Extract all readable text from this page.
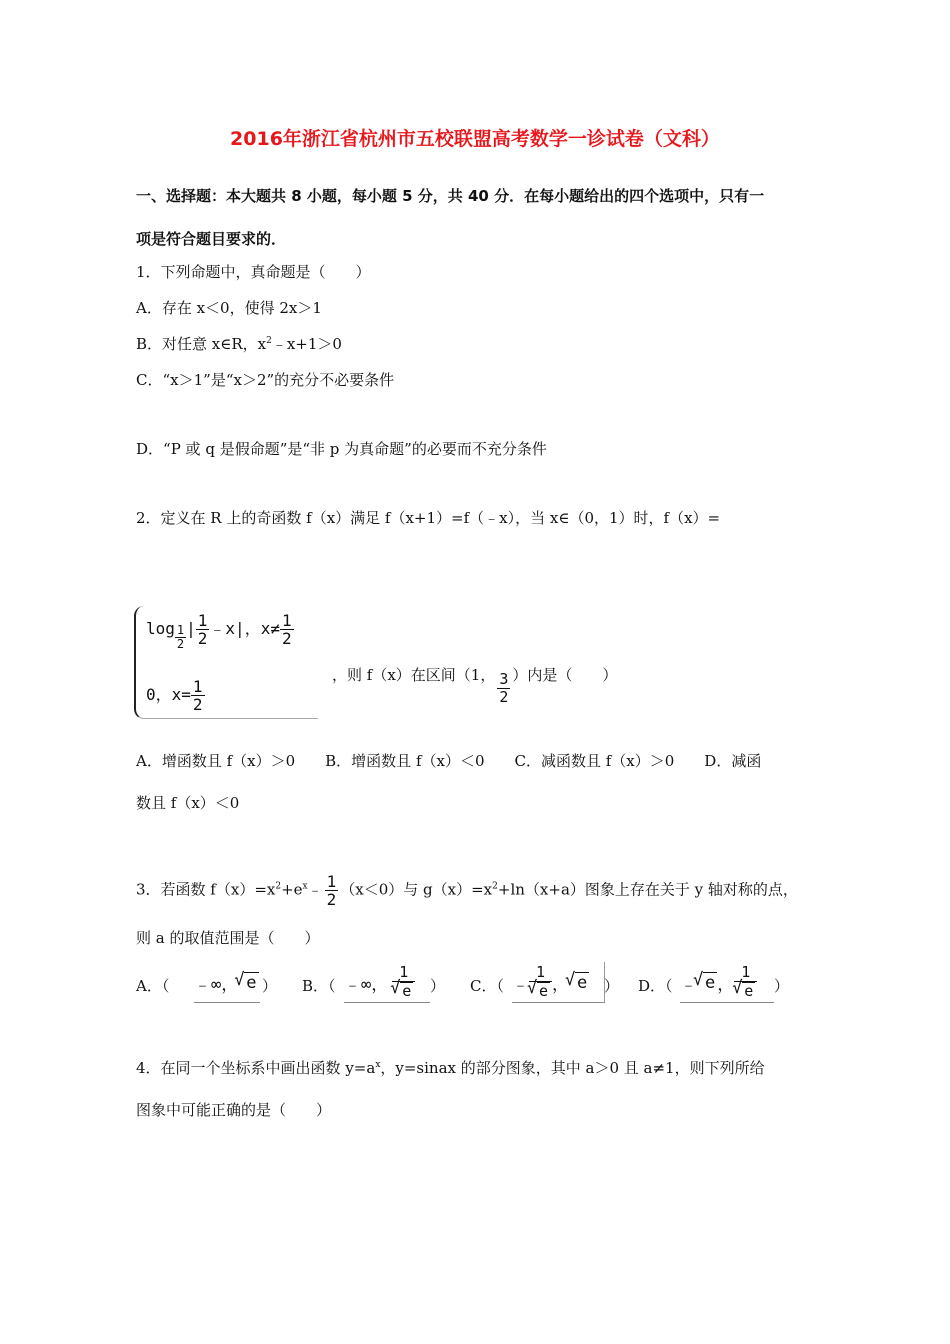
2016年浙江省杭州市五校联盟高考数学一诊试卷（文科）
一、选择题：本大题共 8 小题，每小题 5 分，共 40 分．在每小题给出的四个选项中，只有一
项是符合题目要求的．
1．下列命题中，真命题是（　　）
A．存在 x＜0，使得 2x＞1
B．对任意 x∈R，$x^2﹣x+1>0$
C．“x＞1”是“x＞2”的充分不必要条件
D．“P 或 q 是假命题”是“非 p 为真命题”的必要而不充分条件
2．定义在 R 上的奇函数 f（x）满足 f（x+1）=f（﹣x），当 x∈（0，1）时，f（x）=
$\log \frac{1}{2}$ | $\frac{1}{2}$ ﹣x|，$x\ne \frac{1}{2}$
0，$x= \frac{1}{2}$
，则 f（x）在区间（1， $\frac{3}{2}$ ）内是（　　）
A．增函数且 f（x）＞0　　B．增函数且 f（x）＜0　　C．减函数且 f（x）＞0　　D．减函
数且 f（x）＜0
3．若函数 $f(x)=x^2+e^x﹣ \frac{1}{2} (x<0)$与 $g(x)=x^2+\ln(x+a)$图象上存在关于 y 轴对称的点，
则 a 的取值范围是（　　）
A．（ ﹣∞， √ e ） B．（ ﹣∞， 1
√ e ） C．（ ﹣ 1
√ e ， √ e ） D．（ ﹣ √ e ， 1
√ e ）
4．在同一个坐标系中画出函数 $y=a^x$，y=sinax 的部分图象，其中 a＞0 且 a≠1，则下列所给
图象中可能正确的是（　　）
